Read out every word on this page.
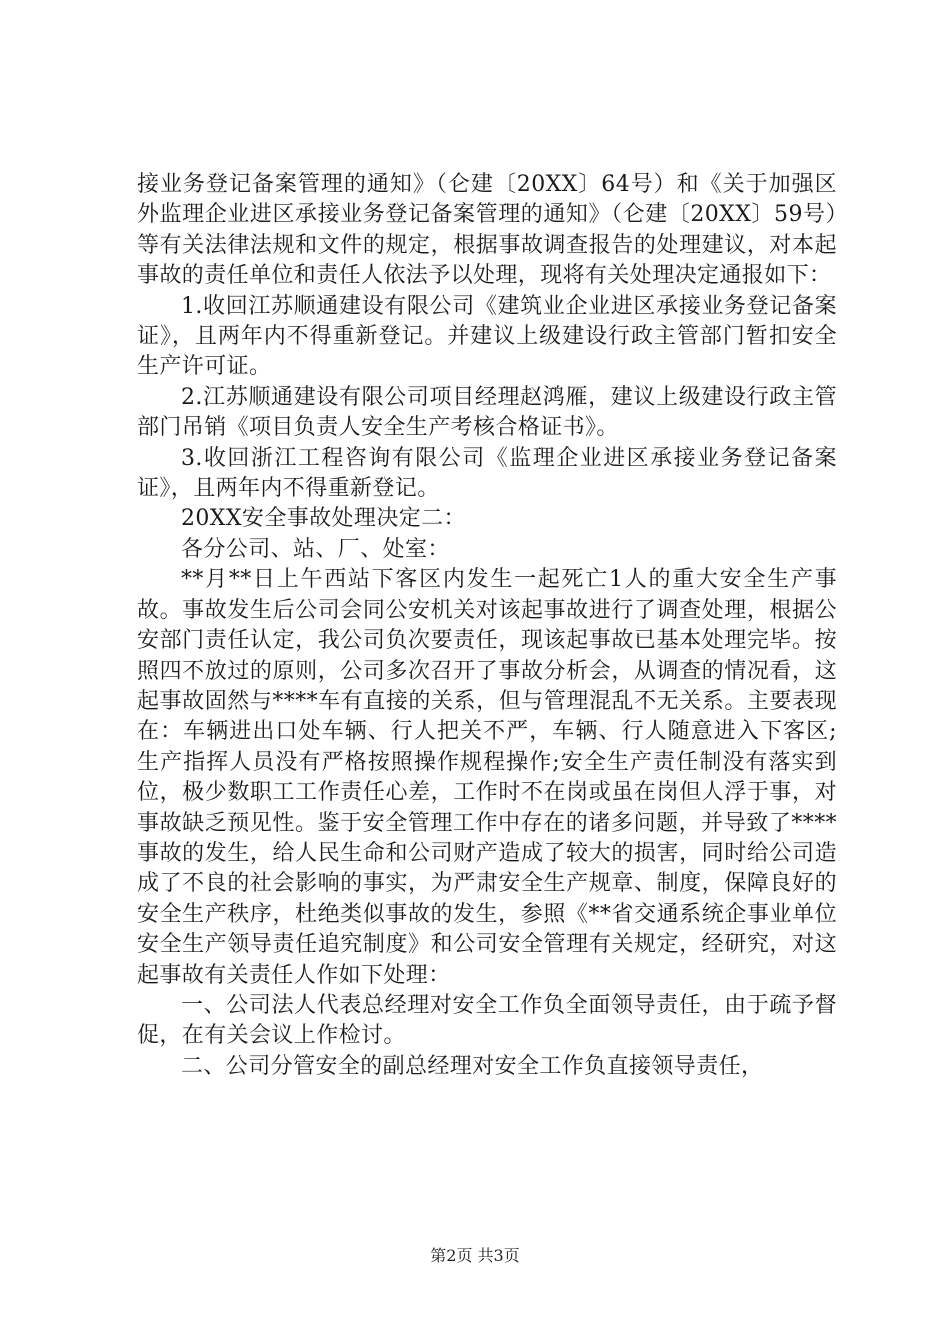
接业务登记备案管理的通知》（仑建〔20XX〕64号）和《关于加强区外监理企业进区承接业务登记备案管理的通知》（仑建〔20XX〕59号）等有关法律法规和文件的规定，根据事故调查报告的处理建议，对本起事故的责任单位和责任人依法予以处理，现将有关处理决定通报如下：

1.收回江苏顺通建设有限公司《建筑业企业进区承接业务登记备案证》，且两年内不得重新登记。并建议上级建设行政主管部门暂扣安全生产许可证。

2.江苏顺通建设有限公司项目经理赵鸿雁，建议上级建设行政主管部门吊销《项目负责人安全生产考核合格证书》。

3.收回浙江工程咨询有限公司《监理企业进区承接业务登记备案证》，且两年内不得重新登记。

20XX安全事故处理决定二：

各分公司、站、厂、处室：

**月**日上午西站下客区内发生一起死亡1人的重大安全生产事故。事故发生后公司会同公安机关对该起事故进行了调查处理，根据公安部门责任认定，我公司负次要责任，现该起事故已基本处理完毕。按照四不放过的原则，公司多次召开了事故分析会，从调查的情况看，这起事故固然与****车有直接的关系，但与管理混乱不无关系。主要表现在：车辆进出口处车辆、行人把关不严，车辆、行人随意进入下客区;生产指挥人员没有严格按照操作规程操作;安全生产责任制没有落实到位，极少数职工工作责任心差，工作时不在岗或虽在岗但人浮于事，对事故缺乏预见性。鉴于安全管理工作中存在的诸多问题，并导致了****事故的发生，给人民生命和公司财产造成了较大的损害，同时给公司造成了不良的社会影响的事实，为严肃安全生产规章、制度，保障良好的安全生产秩序，杜绝类似事故的发生，参照《**省交通系统企事业单位安全生产领导责任追究制度》和公司安全管理有关规定，经研究，对这起事故有关责任人作如下处理：

一、公司法人代表总经理对安全工作负全面领导责任，由于疏予督促，在有关会议上作检讨。

二、公司分管安全的副总经理对安全工作负直接领导责任，

第2页 共3页
